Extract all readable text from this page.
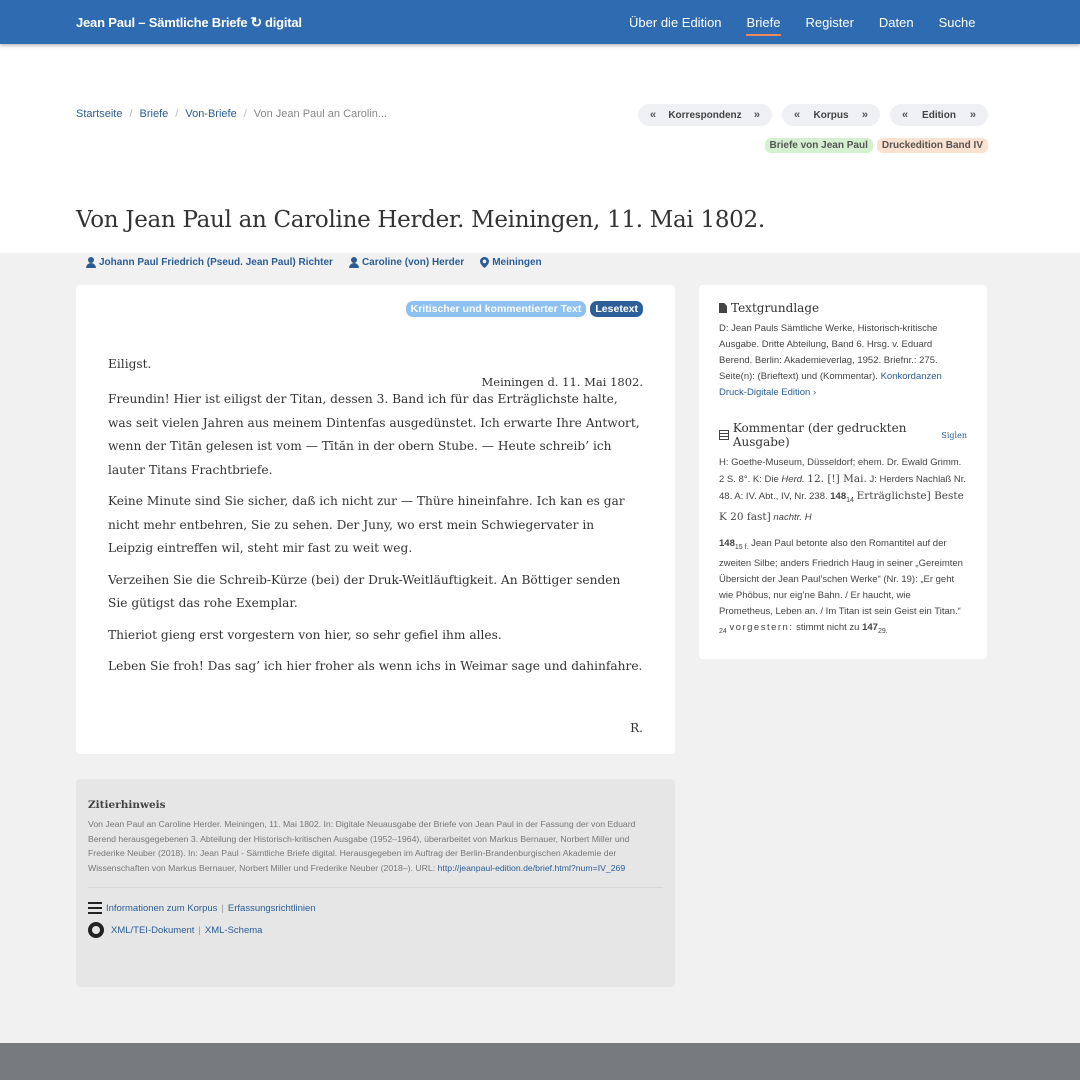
Jean Paul – Sämtliche Briefe ↻ digital	Über die Edition	Briefe	Register	Daten	Suche
Startseite / Briefe / Von-Briefe / Von Jean Paul an Carolin...	« Korrespondenz »	« Korpus »	« Edition »
Briefe von Jean Paul	Druckedition Band IV
Von Jean Paul an Caroline Herder. Meiningen, 11. Mai 1802.
Johann Paul Friedrich (Pseud. Jean Paul) Richter	Caroline (von) Herder	Meiningen
Kritischer und kommentierter Text	Lesetext

Eiligst.

Meiningen d. 11. Mai 1802.

Freundin! Hier ist eiligst der Titan, dessen 3. Band ich für das Erträglichste halte, was seit vielen Jahren aus meinem Dintenfas ausgedünstet. Ich erwarte Ihre Antwort, wenn der Titān gelesen ist vom — Tītăn in der obern Stube. — Heute schreib’ ich lauter Titans Frachtbriefe.

Keine Minute sind Sie sicher, daß ich nicht zur — Thüre hineinfahre. Ich kan es gar nicht mehr entbehren, Sie zu sehen. Der Juny, wo erst mein Schwiegervater in Leipzig eintreffen wil, steht mir fast zu weit weg.

Verzeihen Sie die Schreib-Kürze (bei) der Druk-Weitläuftigkeit. An Böttiger senden Sie gütigst das rohe Exemplar.

Thieriot gieng erst vorgestern von hier, so sehr gefiel ihm alles.

Leben Sie froh! Das sag’ ich hier froher als wenn ichs in Weimar sage und dahinfahre.

R.
Textgrundlage
D: Jean Pauls Sämtliche Werke, Historisch-kritische Ausgabe. Dritte Abteilung, Band 6. Hrsg. v. Eduard Berend. Berlin: Akademieverlag, 1952. Briefnr.: 275. Seite(n): (Brieftext) und (Kommentar). Konkordanzen
Druck-Digitale Edition ›
Kommentar (der gedruckten Ausgabe)	Siglen
H: Goethe-Museum, Düsseldorf; ehem. Dr. Ewald Grimm. 2 S. 8°. K: Die Herd. 12. [!] Mai. J: Herders Nachlaß Nr. 48. A: IV. Abt., IV, Nr. 238. $148_{14}$ Erträglichste] Beste K 20 fast] nachtr. H
$148_{15 f.}$ Jean Paul betonte also den Romantitel auf der zweiten Silbe; anders Friedrich Haug in seiner „Gereimten Übersicht der Jean Paul’schen Werke“ (Nr. 19): „Er geht wie Phöbus, nur eig’ne Bahn. / Er haucht, wie Prometheus, Leben an. / Im Titan ist sein Geist ein Titan.“ $_{24}$ vorgestern: stimmt nicht zu $147_{29.}$
Zitierhinweis
Von Jean Paul an Caroline Herder. Meiningen, 11. Mai 1802. In: Digitale Neuausgabe der Briefe von Jean Paul in der Fassung der von Eduard Berend herausgegebenen 3. Abteilung der Historisch-kritischen Ausgabe (1952–1964), überarbeitet von Markus Bernauer, Norbert Miller und Frederike Neuber (2018). In: Jean Paul - Sämtliche Briefe digital. Herausgegeben im Auftrag der Berlin-Brandenburgischen Akademie der Wissenschaften von Markus Bernauer, Norbert Miller und Frederike Neuber (2018–). URL: http://jeanpaul-edition.de/brief.html?num=IV_269
Informationen zum Korpus | Erfassungsrichtlinien
XML/TEI-Dokument | XML-Schema
